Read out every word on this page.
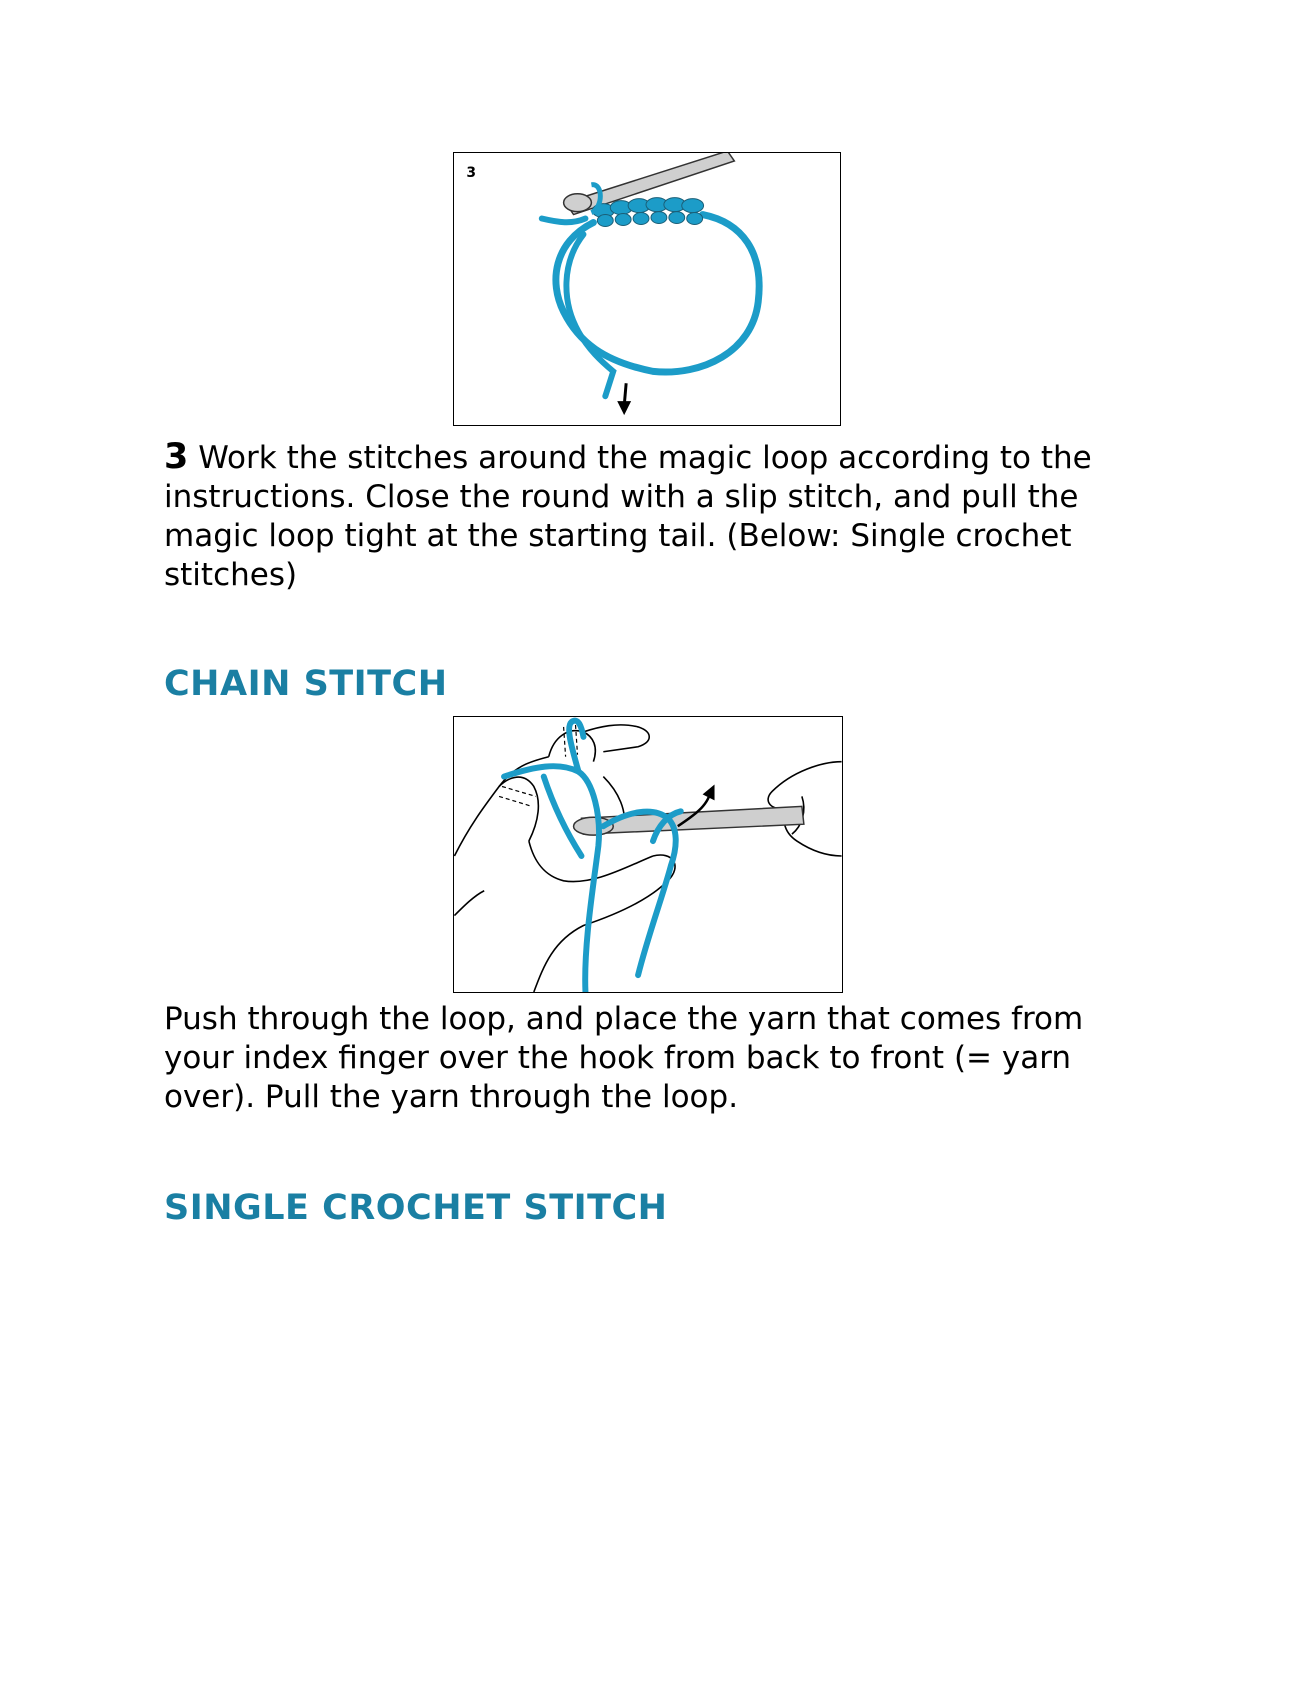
3

3 Work the stitches around the magic loop according to the instructions. Close the round with a slip stitch, and pull the magic loop tight at the starting tail. (Below: Single crochet stitches)

CHAIN STITCH

Push through the loop, and place the yarn that comes from your index finger over the hook from back to front (= yarn over). Pull the yarn through the loop.

SINGLE CROCHET STITCH
